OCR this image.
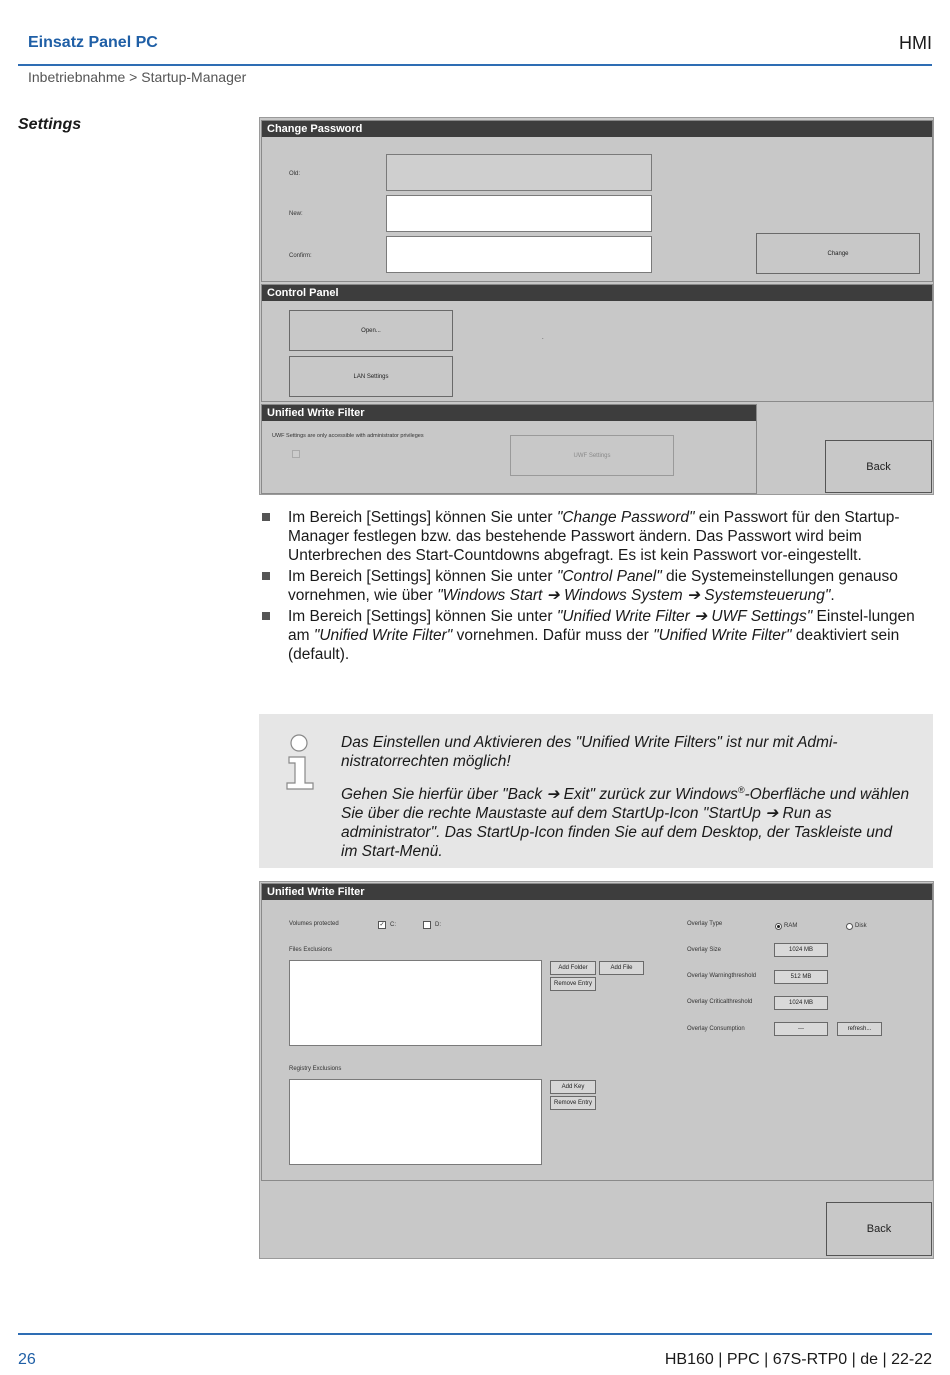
Einsatz Panel PC	HMI
Inbetriebnahme > Startup-Manager
Settings	Change Password
Old:
New:
Confirm:	Change
Control Panel
Open...
LAN Settings
.
Unified Write Filter
UWF Settings are only accessible with administrator privileges
UWF Settings
Back
Im Bereich [Settings] können Sie unter "Change Password" ein Passwort für den Startup-Manager festlegen bzw. das bestehende Passwort ändern. Das Passwort wird beim Unterbrechen des Start-Countdowns abgefragt. Es ist kein Passwort vor-eingestellt.
Im Bereich [Settings] können Sie unter "Control Panel" die Systemeinstellungen genauso vornehmen, wie über "Windows Start ➔ Windows System ➔ Systemsteuerung".
Im Bereich [Settings] können Sie unter "Unified Write Filter ➔ UWF Settings" Einstel-lungen am "Unified Write Filter" vornehmen. Dafür muss der "Unified Write Filter" deaktiviert sein (default).

Das Einstellen und Aktivieren des "Unified Write Filters" ist nur mit Admi-nistratorrechten möglich!

Gehen Sie hierfür über "Back ➔ Exit" zurück zur Windows®-Oberfläche und wählen Sie über die rechte Maustaste auf dem StartUp-Icon "StartUp ➔ Run as administrator". Das StartUp-Icon finden Sie auf dem Desktop, der Taskleiste und im Start-Menü.

Unified Write Filter
Volumes protected	✓ C:	D:
Files Exclusions
Add Folder	Add File
Remove Entry
Registry Exclusions
Add Key
Remove Entry
Overlay Type	RAM	Disk
Overlay Size	1024 MB
Overlay Warningthreshold	512 MB
Overlay Criticalthreshold	1024 MB
Overlay Consumption	---	refresh...
Back
26	HB160 | PPC | 67S-RTP0 | de | 22-22
